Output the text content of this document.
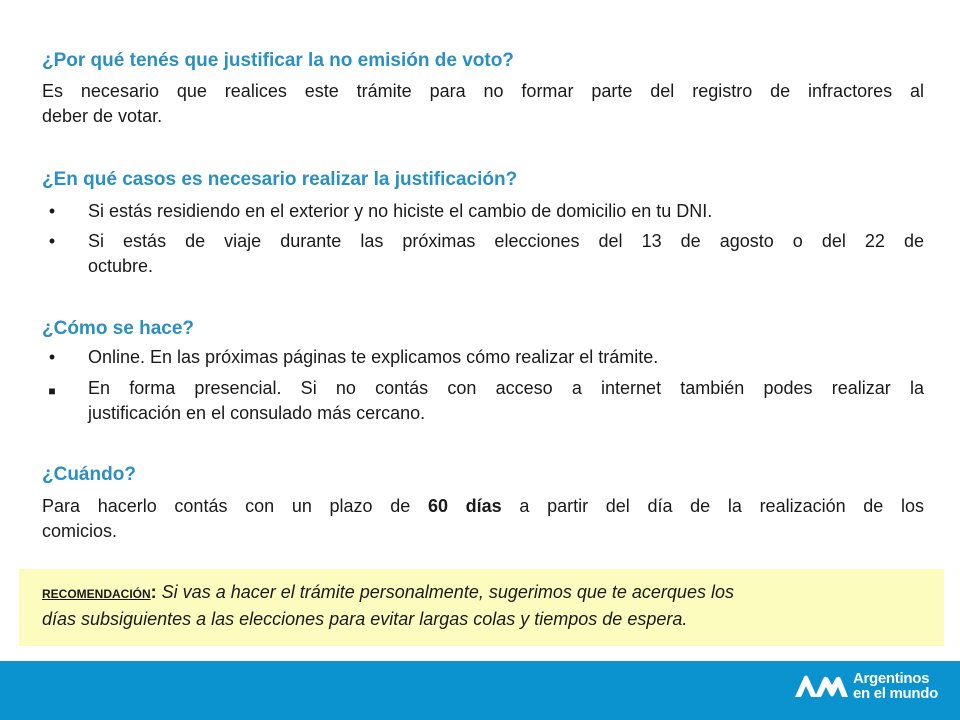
¿Por qué tenés que justificar la no emisión de voto?
Es necesario que realices este trámite para no formar parte del registro de infractores al
deber de votar.
¿En qué casos es necesario realizar la justificación?
•	Si estás residiendo en el exterior y no hiciste el cambio de domicilio en tu DNI.
•	Si estás de viaje durante las próximas elecciones del 13 de agosto o del 22 de
octubre.
¿Cómo se hace?
•	Online. En las próximas páginas te explicamos cómo realizar el trámite.
■	En forma presencial. Si no contás con acceso a internet también podes realizar la
justificación en el consulado más cercano.
¿Cuándo?
Para hacerlo contás con un plazo de 60 días a partir del día de la realización de los
comicios.
RECOMENDACIÓN: Si vas a hacer el trámite personalmente, sugerimos que te acerques los
días subsiguientes a las elecciones para evitar largas colas y tiempos de espera.
Argentinos
en el mundo
